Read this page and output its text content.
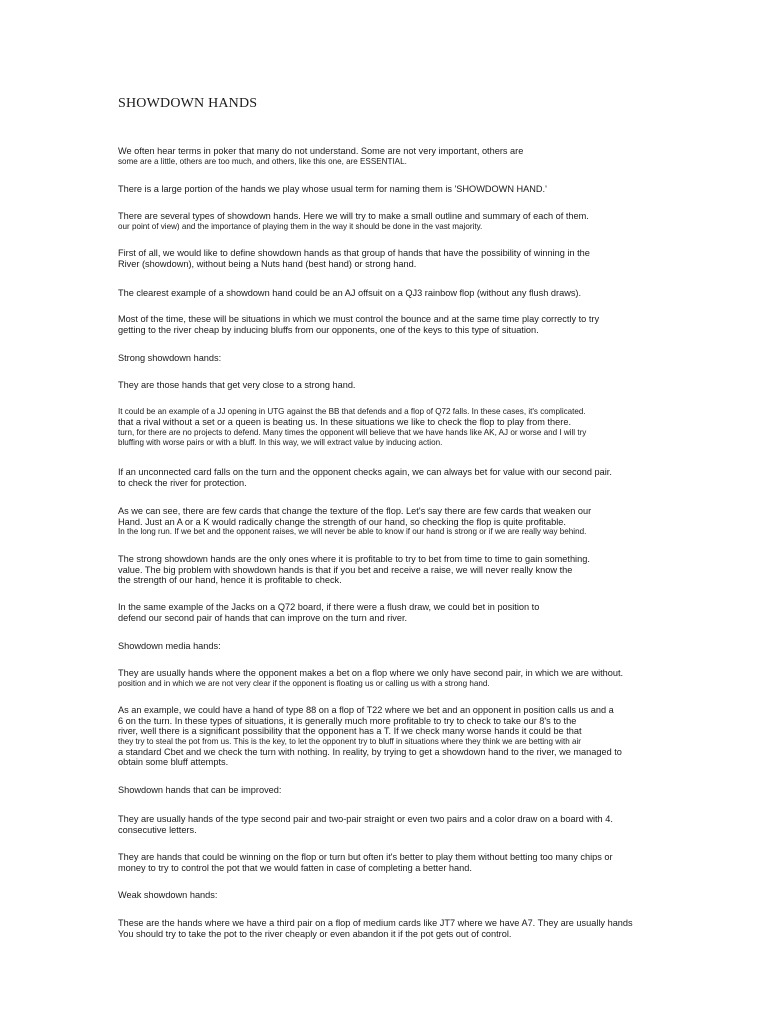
SHOWDOWN HANDS
We often hear terms in poker that many do not understand. Some are not very important, others are
some are a little, others are too much, and others, like this one, are ESSENTIAL.
There is a large portion of the hands we play whose usual term for naming them is 'SHOWDOWN HAND.'
There are several types of showdown hands. Here we will try to make a small outline and summary of each of them.
our point of view) and the importance of playing them in the way it should be done in the vast majority.
First of all, we would like to define showdown hands as that group of hands that have the possibility of winning in the
River (showdown), without being a Nuts hand (best hand) or strong hand.
The clearest example of a showdown hand could be an AJ offsuit on a QJ3 rainbow flop (without any flush draws).
Most of the time, these will be situations in which we must control the bounce and at the same time play correctly to try
getting to the river cheap by inducing bluffs from our opponents, one of the keys to this type of situation.
Strong showdown hands:
They are those hands that get very close to a strong hand.
It could be an example of a JJ opening in UTG against the BB that defends and a flop of Q72 falls. In these cases, it's complicated.
that a rival without a set or a queen is beating us. In these situations we like to check the flop to play from there.
turn, for there are no projects to defend. Many times the opponent will believe that we have hands like AK, AJ or worse and I will try
bluffing with worse pairs or with a bluff. In this way, we will extract value by inducing action.
If an unconnected card falls on the turn and the opponent checks again, we can always bet for value with our second pair.
to check the river for protection.
As we can see, there are few cards that change the texture of the flop. Let's say there are few cards that weaken our
Hand. Just an A or a K would radically change the strength of our hand, so checking the flop is quite profitable.
In the long run. If we bet and the opponent raises, we will never be able to know if our hand is strong or if we are really way behind.
The strong showdown hands are the only ones where it is profitable to try to bet from time to time to gain something.
value. The big problem with showdown hands is that if you bet and receive a raise, we will never really know the
the strength of our hand, hence it is profitable to check.
In the same example of the Jacks on a Q72 board, if there were a flush draw, we could bet in position to
defend our second pair of hands that can improve on the turn and river.
Showdown media hands:
They are usually hands where the opponent makes a bet on a flop where we only have second pair, in which we are without.
position and in which we are not very clear if the opponent is floating us or calling us with a strong hand.
As an example, we could have a hand of type 88 on a flop of T22 where we bet and an opponent in position calls us and a
6 on the turn. In these types of situations, it is generally much more profitable to try to check to take our 8's to the
river, well there is a significant possibility that the opponent has a T. If we check many worse hands it could be that
they try to steal the pot from us. This is the key, to let the opponent try to bluff in situations where they think we are betting with air
a standard Cbet and we check the turn with nothing. In reality, by trying to get a showdown hand to the river, we managed to
obtain some bluff attempts.
Showdown hands that can be improved:
They are usually hands of the type second pair and two-pair straight or even two pairs and a color draw on a board with 4.
consecutive letters.
They are hands that could be winning on the flop or turn but often it's better to play them without betting too many chips or
money to try to control the pot that we would fatten in case of completing a better hand.
Weak showdown hands:
These are the hands where we have a third pair on a flop of medium cards like JT7 where we have A7. They are usually hands
You should try to take the pot to the river cheaply or even abandon it if the pot gets out of control.
